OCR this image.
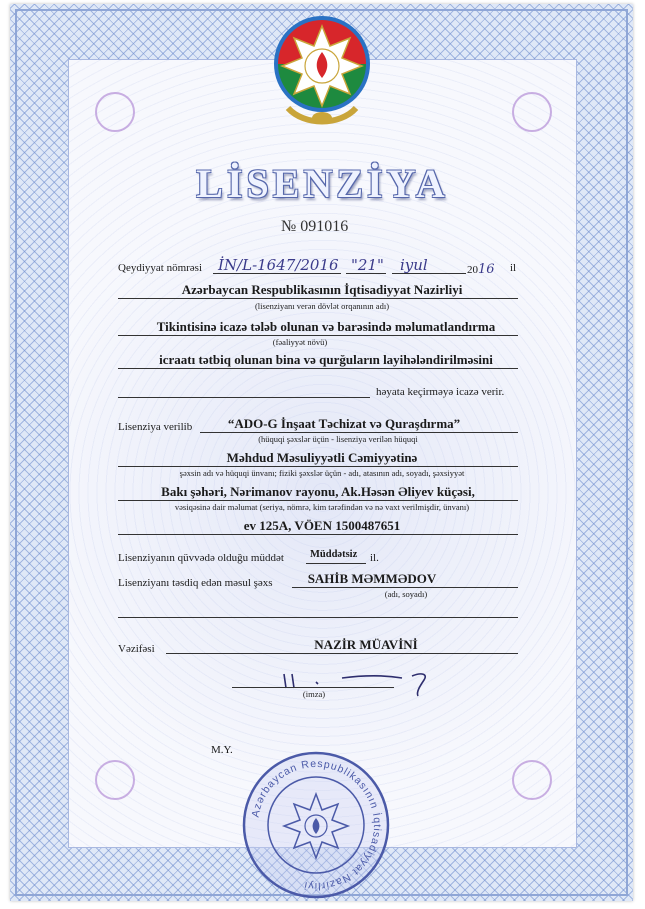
LİSENZİYA
№ 091016
Qeydiyyat nömrəsi İN/L-1647/2016 "21" iyul	2016 il
Azərbaycan Respublikasının İqtisadiyyat Nazirliyi
(lisenziyanı verən dövlət orqanının adı)
Tikintisinə icazə tələb olunan və barəsində məlumatlandırma
(fəaliyyət növü)
icraatı tətbiq olunan bina və qurğuların layihələndirilməsini
həyata keçirməyə icazə verir.
Lisenziya verilib	“ADO-G İnşaat Təchizat və Quraşdırma”
(hüquqi şəxslər üçün - lisenziya verilən hüquqi
Məhdud Məsuliyyətli Cəmiyyətinə
şəxsin adı və hüquqi ünvanı; fiziki şəxslər üçün - adı, atasının adı, soyadı, şəxsiyyət
Bakı şəhəri, Nərimanov rayonu, Ak.Həsən Əliyev küçəsi,
vəsiqəsinə dair məlumat (seriya, nömrə, kim tərəfindən və nə vaxt verilmişdir, ünvanı)
ev 125A, VÖEN 1500487651
Lisenziyanın qüvvədə olduğu müddət Müddətsiz il.
Lisenziyanı təsdiq edən məsul şəxs	SAHİB MƏMMƏDOV
(adı, soyadı)
Vəzifəsi	NAZİR MÜAVİNİ
(imza)
M.Y.
Azərbaycan Respublikasının İqtisadiyyat Nazirliyi
